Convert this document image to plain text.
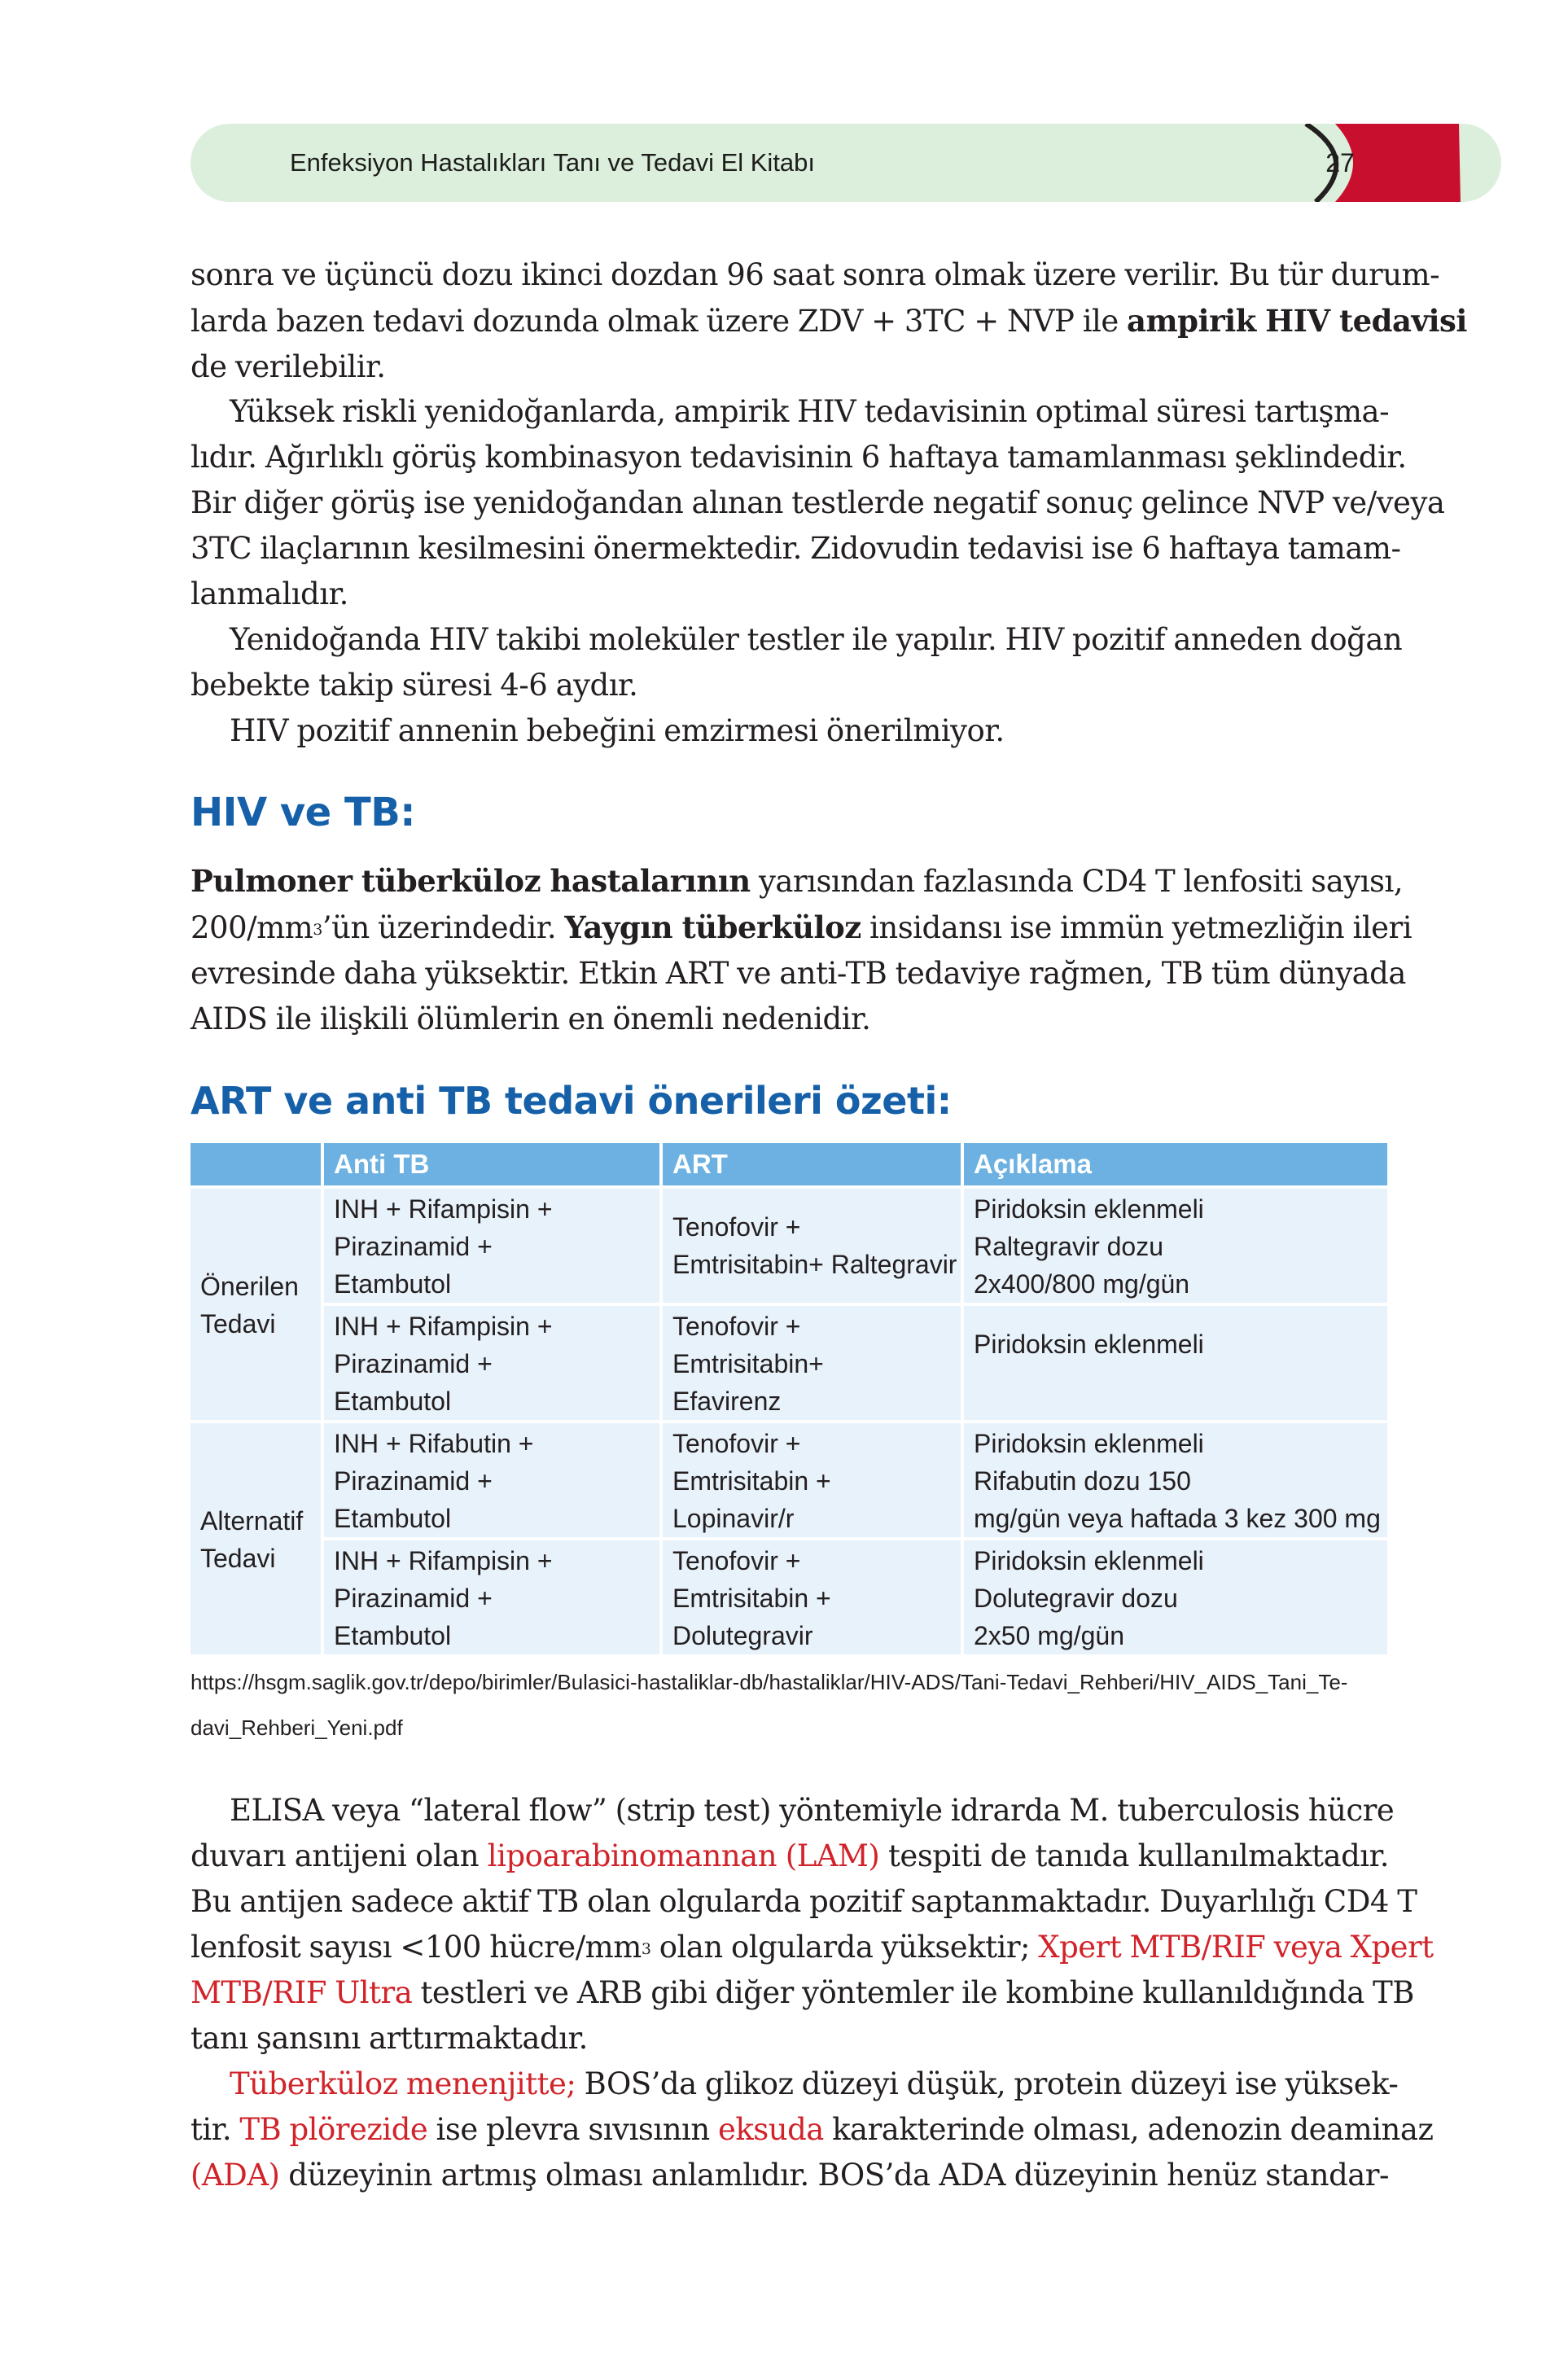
Enfeksiyon Hastalıkları Tanı ve Tedavi El Kitabı	27
sonra ve üçüncü dozu ikinci dozdan 96 saat sonra olmak üzere verilir. Bu tür durum-
larda bazen tedavi dozunda olmak üzere ZDV + 3TC + NVP ile ampirik HIV tedavisi
de verilebilir.
Yüksek riskli yenidoğanlarda, ampirik HIV tedavisinin optimal süresi tartışma-
lıdır. Ağırlıklı görüş kombinasyon tedavisinin 6 haftaya tamamlanması şeklindedir.
Bir diğer görüş ise yenidoğandan alınan testlerde negatif sonuç gelince NVP ve/veya
3TC ilaçlarının kesilmesini önermektedir. Zidovudin tedavisi ise 6 haftaya tamam-
lanmalıdır.
Yenidoğanda HIV takibi moleküler testler ile yapılır. HIV pozitif anneden doğan
bebekte takip süresi 4-6 aydır.
HIV pozitif annenin bebeğini emzirmesi önerilmiyor.
HIV ve TB:
Pulmoner tüberküloz hastalarının yarısından fazlasında CD4 T lenfositi sayısı,
$200/mm^3’ün$ üzerindedir. Yaygın tüberküloz insidansı ise immün yetmezliğin ileri
evresinde daha yüksektir. Etkin ART ve anti-TB tedaviye rağmen, TB tüm dünyada
AIDS ile ilişkili ölümlerin en önemli nedenidir.
ART ve anti TB tedavi önerileri özeti:
	Anti TB	ART	Açıklama

Önerilen
Tedavi	INH + Rifampisin +
Pirazinamid +
Etambutol	Tenofovir +
Emtrisitabin+ Raltegravir	Piridoksin eklenmeli
Raltegravir dozu
2x400/800 mg/gün

	INH + Rifampisin +
Pirazinamid +
Etambutol	Tenofovir +
Emtrisitabin+
Efavirenz	Piridoksin eklenmeli

Alternatif
Tedavi	INH + Rifabutin +
Pirazinamid +
Etambutol	Tenofovir +
Emtrisitabin +
Lopinavir/r	Piridoksin eklenmeli
Rifabutin dozu 150
mg/gün veya haftada 3 kez 300 mg

	INH + Rifampisin +
Pirazinamid +
Etambutol	Tenofovir +
Emtrisitabin +
Dolutegravir	Piridoksin eklenmeli
Dolutegravir dozu
2x50 mg/gün
https://hsgm.saglik.gov.tr/depo/birimler/Bulasici-hastaliklar-db/hastaliklar/HIV-ADS/Tani-Tedavi_Rehberi/HIV_AIDS_Tani_Te-
davi_Rehberi_Yeni.pdf
ELISA veya “lateral flow” (strip test) yöntemiyle idrarda M. tuberculosis hücre
duvarı antijeni olan lipoarabinomannan (LAM) tespiti de tanıda kullanılmaktadır.
Bu antijen sadece aktif TB olan olgularda pozitif saptanmaktadır. Duyarlılığı CD4 T
lenfosit sayısı <100 hücre/$mm^3$ olan olgularda yüksektir; Xpert MTB/RIF veya Xpert
MTB/RIF Ultra testleri ve ARB gibi diğer yöntemler ile kombine kullanıldığında TB
tanı şansını arttırmaktadır.
Tüberküloz menenjitte; BOS’da glikoz düzeyi düşük, protein düzeyi ise yüksek-
tir. TB plörezide ise plevra sıvısının eksuda karakterinde olması, adenozin deaminaz
(ADA) düzeyinin artmış olması anlamlıdır. BOS’da ADA düzeyinin henüz standar-
